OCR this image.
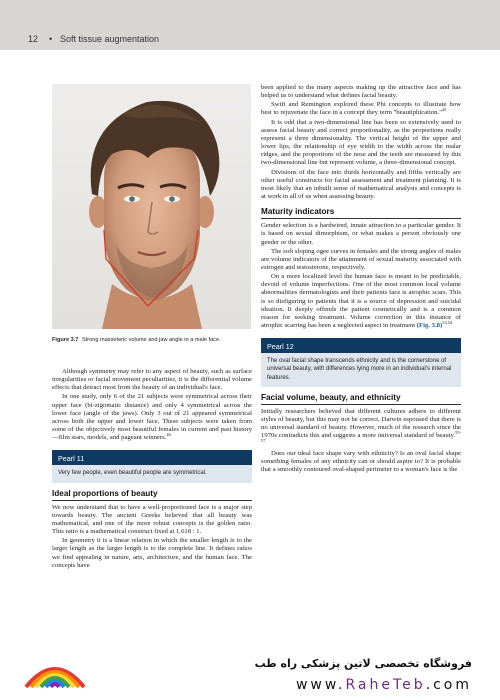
12 • Soft tissue augmentation
Figure 3.7 Strong masseteric volume and jaw angle in a male face.

Although symmetry may refer to any aspect of beauty, such as surface irregularities or facial movement peculiarities, it is the differential volume effects that detract most from the beauty of an individual's face.

In one study, only 6 of the 21 subjects were symmetrical across their upper face (bi-zigomatic distance) and only 4 symmetrical across the lower face (angle of the jaws). Only 3 out of 21 appeared symmetrical across both the upper and lower face. These subjects were taken from some of the objectively most beautiful females in current and past history—film stars, models, and pageant winners.$^{46}$

Pearl 11
Very few people, even beautiful people are symmetrical.
Ideal proportions of beauty

We now understand that to have a well-proportioned face is a major step towards beauty. The ancient Greeks believed that all beauty was mathematical, and one of the more robust concepts is the golden ratio. This ratio is a mathematical construct fixed at 1.618 : 1.

In geometry it is a linear relation in which the smaller length is to the larger length as the larger length is to the complete line. It defines ratios we find appealing in nature, arts, architecture, and the human face. The concepts have

been applied to the many aspects making up the attractive face and has helped us to understand what defines facial beauty.

Swift and Remington explored these Phi concepts to illustrate how best to rejuvenate the face in a concept they term "beautiphication."$^{45}$

It is odd that a two-dimensional line has been so extensively used to assess facial beauty and correct proportionality, as the proportions really represent a three dimensionality. The vertical height of the upper and lower lips, the relationship of eye width to the width across the malar ridges, and the proportions of the nose and the teeth are measured by this two-dimensional line but represent volume, a three-dimensional concept.

Divisions of the face into thirds horizontally and fifths vertically are other useful constructs for facial assessment and treatment planning. It is most likely that an inbuilt sense of mathematical analysis and concepts is at work in all of us when assessing beauty.

Maturity indicators

Gender selection is a hardwired, innate attraction to a particular gender. It is based on sexual dimorphism, or what makes a person obviously one gender or the other.

The soft sloping ogee curves in females and the strong angles of males are volume indicators of the attainment of sexual maturity associated with estrogen and testosterone, respectively.

On a more localized level the human face is meant to be predictable, devoid of volume imperfections. One of the most common local volume abnormalities dermatologists and their patients face is atrophic scars. This is so disfiguring to patients that it is a source of depression and suicidal ideation. It deeply offends the patient cosmetically and is a common reason for seeking treatment. Volume correction in this instance of atrophic scarring has been a neglected aspect in treatment (Fig. 3.8)$^{53,54}$

Pearl 12
The oval facial shape transcends ethnicity and is the cornerstone of universal beauty, with differences lying more in an individual's internal features.
Facial volume, beauty, and ethnicity

Initially researchers believed that different cultures adhere to different styles of beauty, but this may not be correct. Darwin espoused that there is no universal standard of beauty. However, much of the research since the 1970s contradicts this and suggests a more universal standard of beauty.$^{55-57}$

Does our ideal face shape vary with ethnicity? Is an oval facial shape something females of any ethnicity can or should aspire to? It is probable that a smoothly contoured oval-shaped perimeter to a woman's face is the

فروشگاه تخصصی لاتین پزشکی راه طب
www.RaheTeb.com
